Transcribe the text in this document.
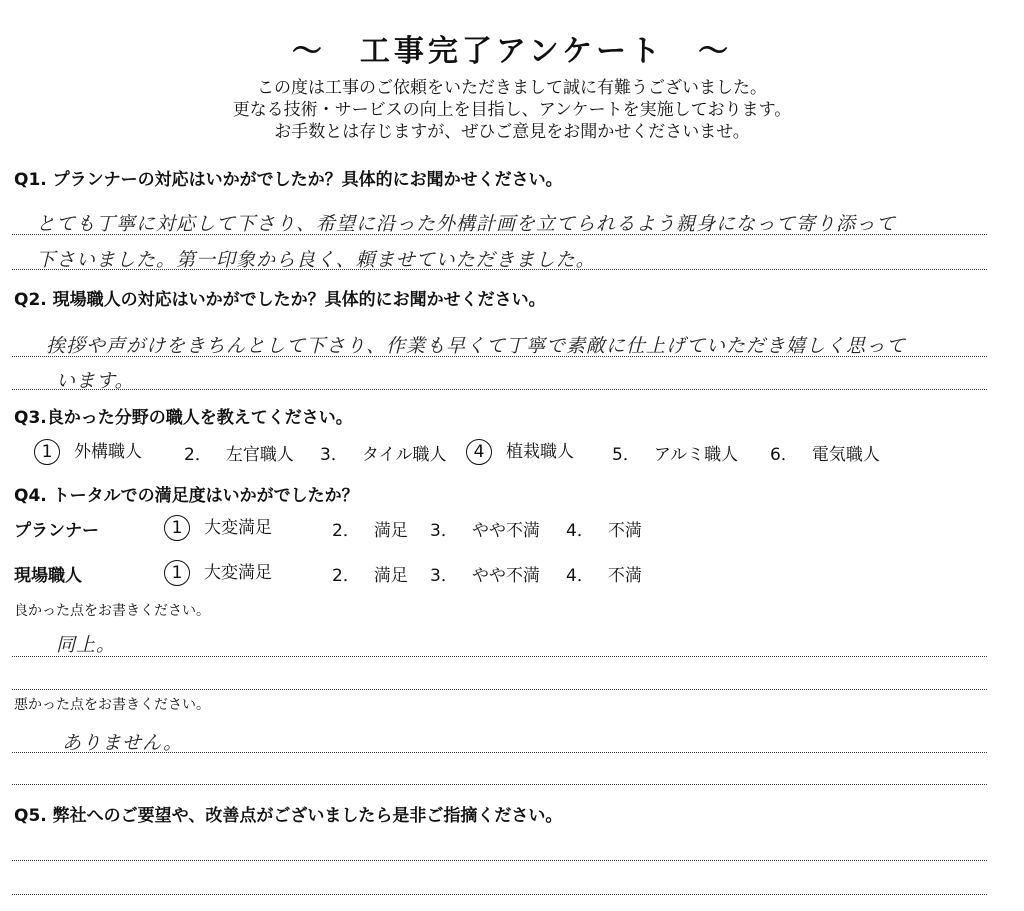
～　工事完了アンケート　～
この度は工事のご依頼をいただきまして誠に有難うございました。
更なる技術・サービスの向上を目指し、アンケートを実施しております。
お手数とは存じますが、ぜひご意見をお聞かせくださいませ。
Q1. プランナーの対応はいかがでしたか？具体的にお聞かせください。
とても丁寧に対応して下さり、希望に沿った外構計画を立てられるよう親身になって寄り添って
下さいました。第一印象から良く、頼ませていただきました。
Q2. 現場職人の対応はいかがでしたか？具体的にお聞かせください。
挨拶や声がけをきちんとして下さり、作業も早くて丁寧で素敵に仕上げていただき嬉しく思って
います。
Q3.良かった分野の職人を教えてください。
1 外構職人 2． 左官職人 3． タイル職人	4 植栽職人 5． アルミ職人 6． 電気職人
Q4. トータルでの満足度はいかがでしたか？
プランナー	1 大変満足	2． 満足 3． やや不満 4． 不満
現場職人	1 大変満足	2． 満足 3． やや不満 4． 不満
良かった点をお書きください。
同上。
悪かった点をお書きください。
ありません。
Q5. 弊社へのご要望や、改善点がございましたら是非ご指摘ください。
